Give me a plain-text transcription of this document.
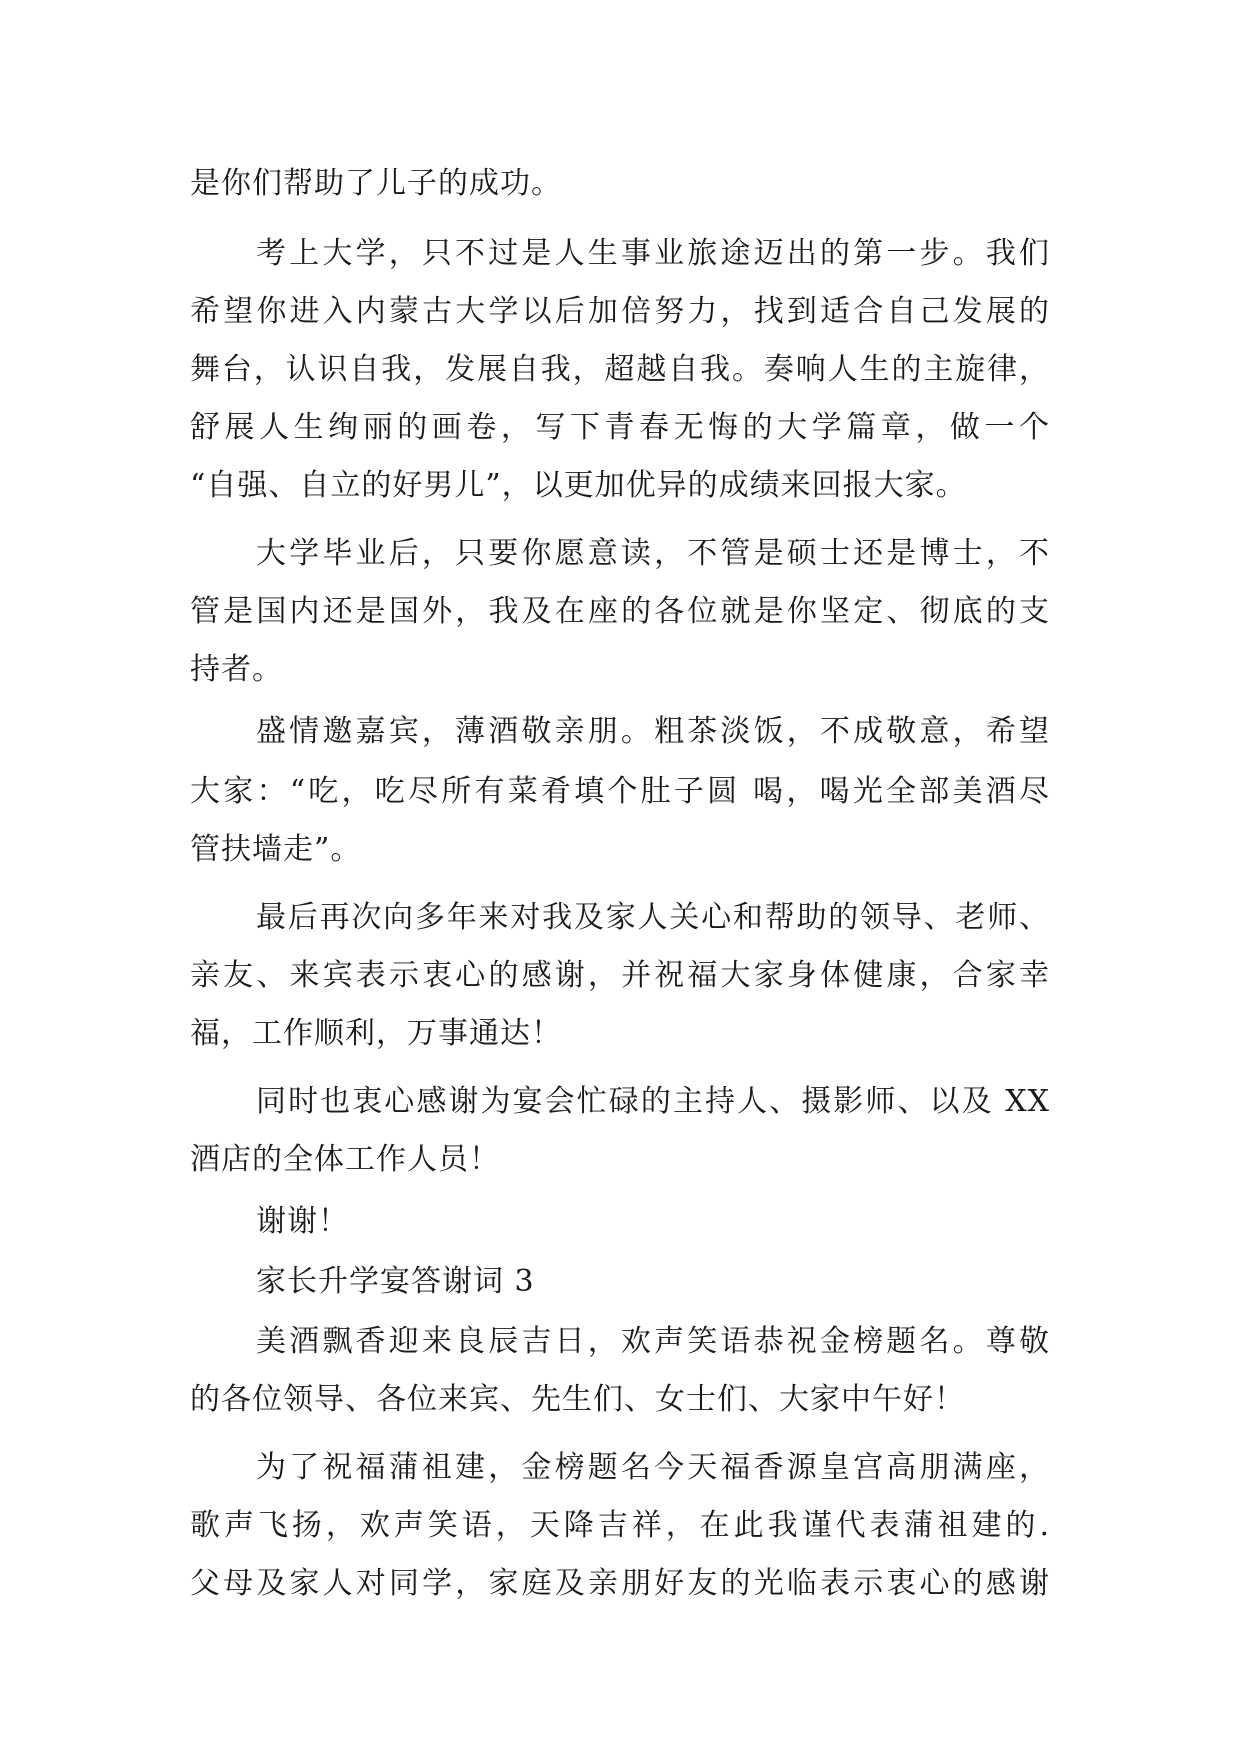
是你们帮助了儿子的成功。

考上大学，只不过是人生事业旅途迈出的第一步。我们

希望你进入内蒙古大学以后加倍努力，找到适合自己发展的

舞台，认识自我，发展自我，超越自我。奏响人生的主旋律，

舒展人生绚丽的画卷，写下青春无悔的大学篇章，做一个

“自强、自立的好男儿”，以更加优异的成绩来回报大家。

大学毕业后，只要你愿意读，不管是硕士还是博士，不

管是国内还是国外，我及在座的各位就是你坚定、彻底的支

持者。

盛情邀嘉宾，薄酒敬亲朋。粗茶淡饭，不成敬意，希望

大家：“吃，吃尽所有菜肴填个肚子圆 喝，喝光全部美酒尽

管扶墙走”。

最后再次向多年来对我及家人关心和帮助的领导、老师、

亲友、来宾表示衷心的感谢，并祝福大家身体健康，合家幸

福，工作顺利，万事通达！

同时也衷心感谢为宴会忙碌的主持人、摄影师、以及 XX

酒店的全体工作人员！

谢谢！

家长升学宴答谢词 3

美酒飘香迎来良辰吉日，欢声笑语恭祝金榜题名。尊敬

的各位领导、各位来宾、先生们、女士们、大家中午好！

为了祝福蒲祖建，金榜题名今天福香源皇宫高朋满座，

歌声飞扬，欢声笑语，天降吉祥，在此我谨代表蒲祖建的.

父母及家人对同学，家庭及亲朋好友的光临表示衷心的感谢
